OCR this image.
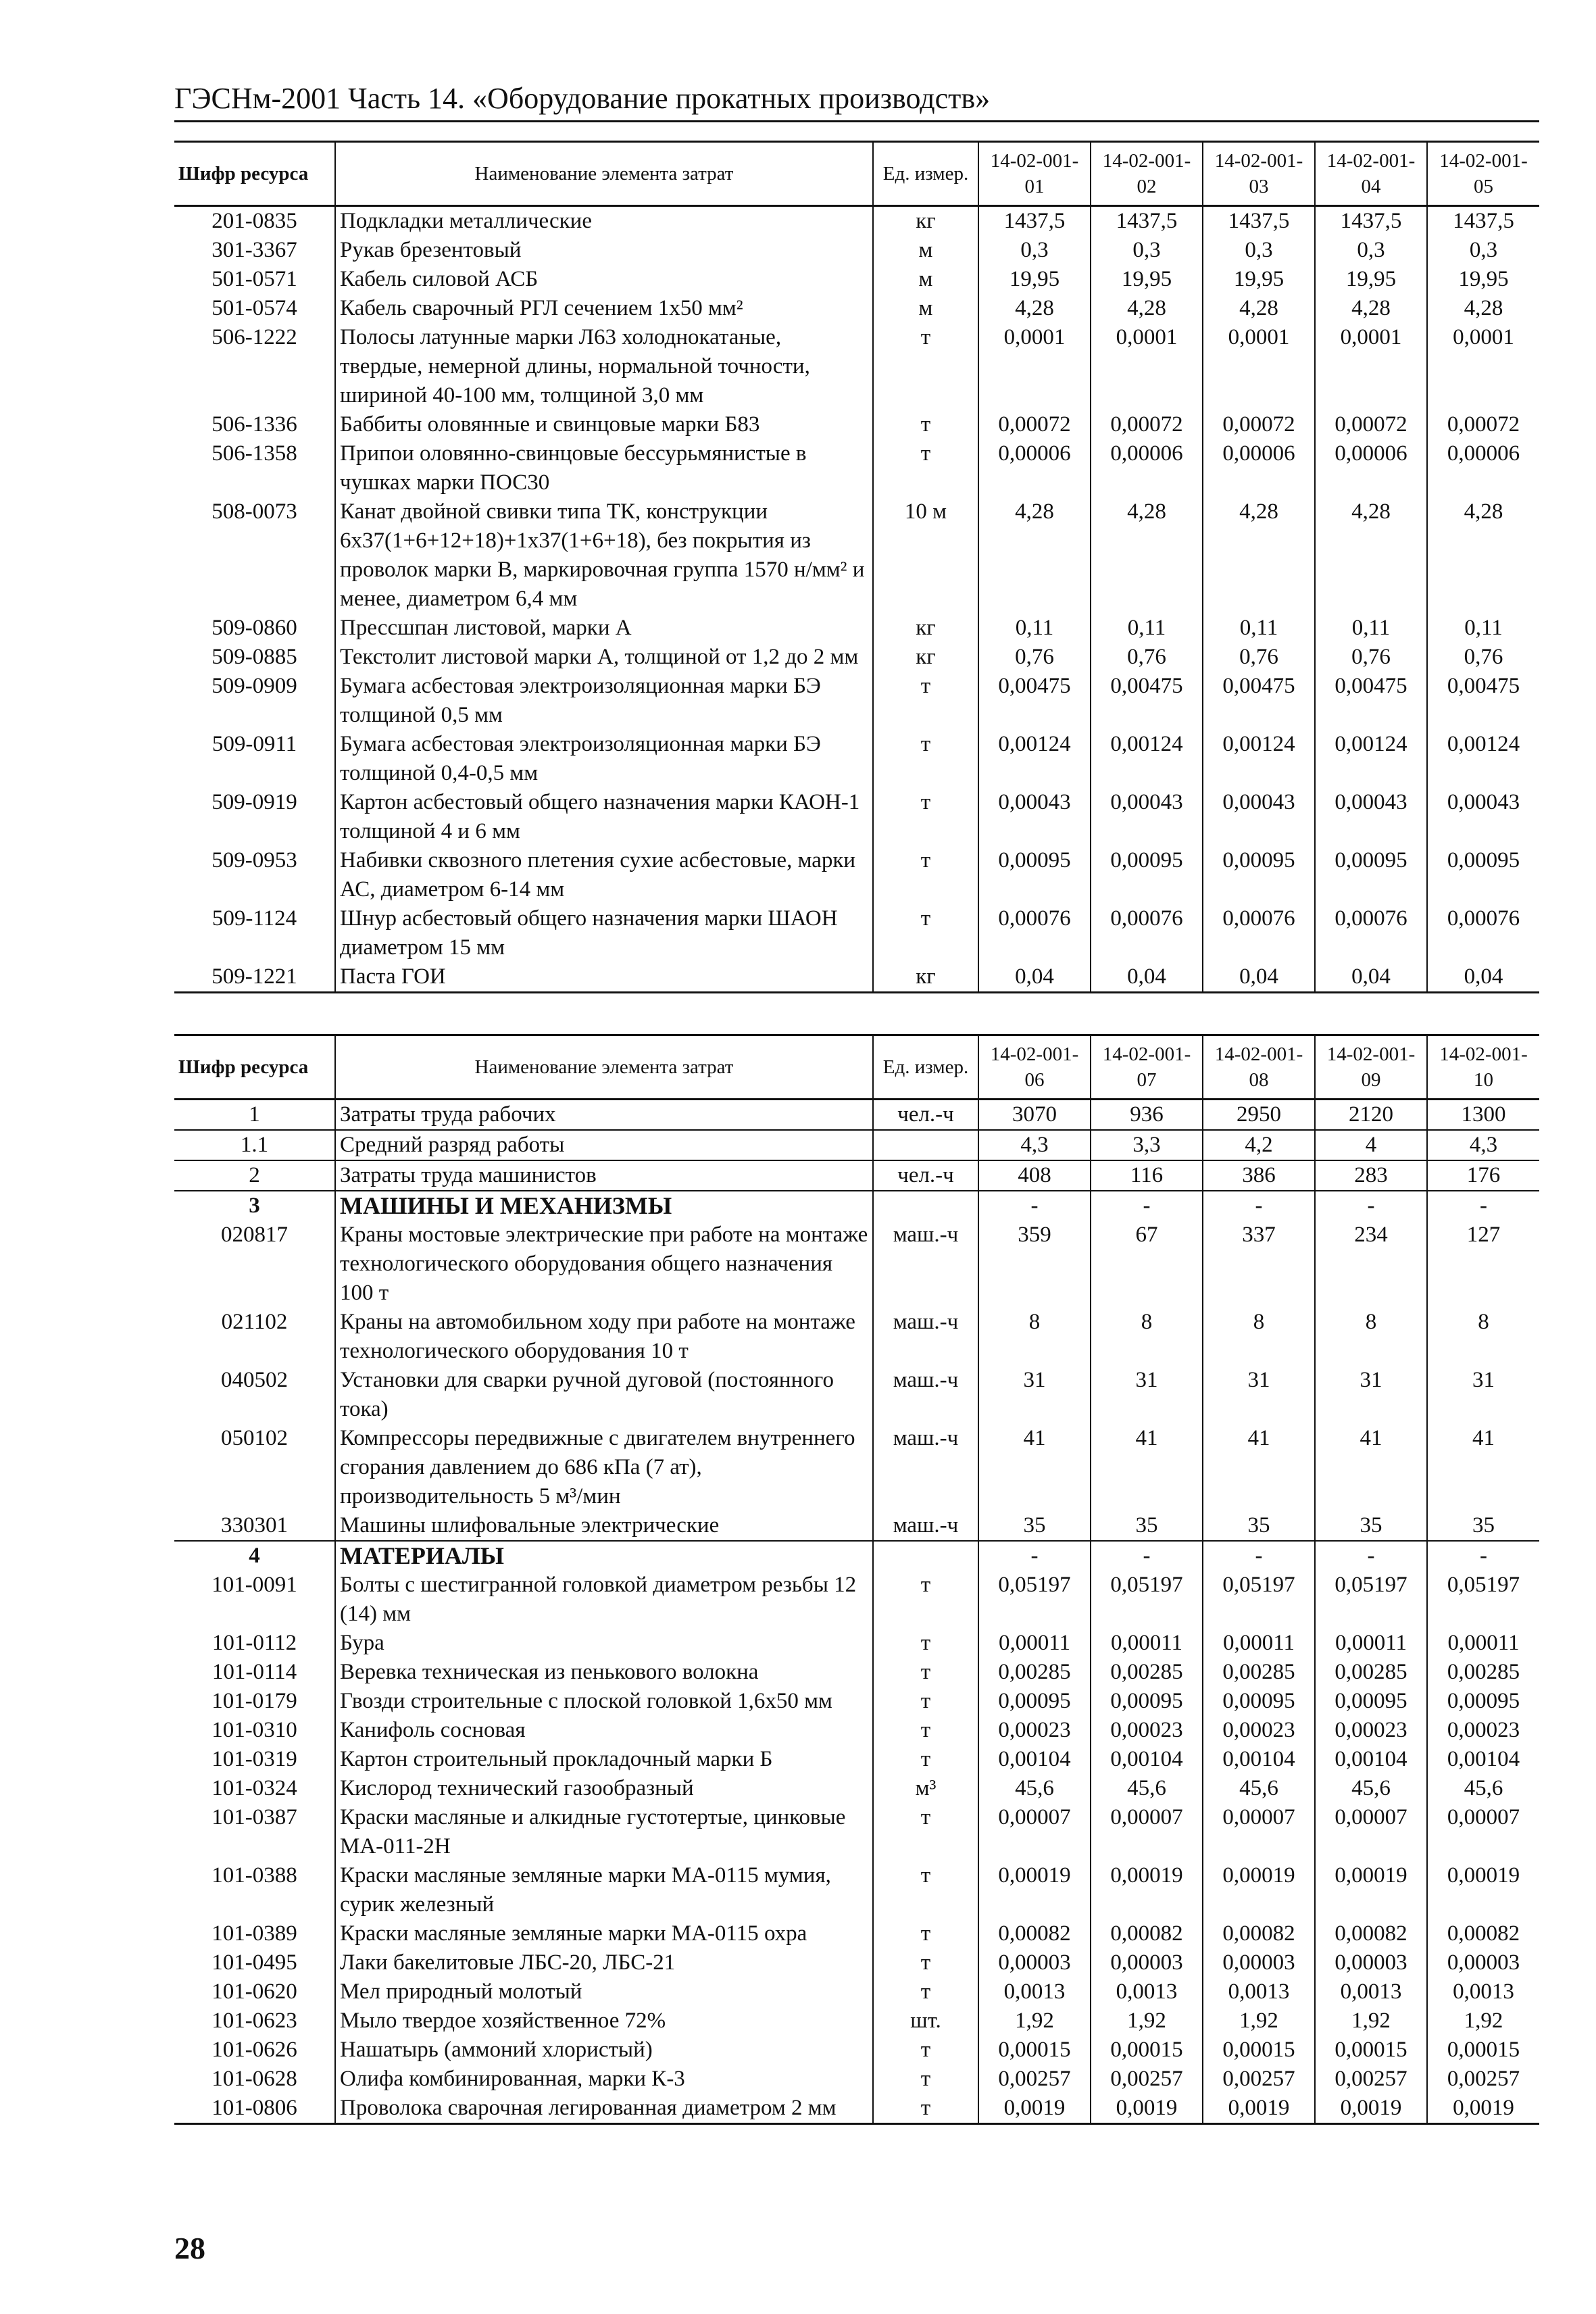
ГЭСНм-2001 Часть 14. «Оборудование прокатных производств»
Шифр ресурса	Наименование элемента затрат	Ед. измер.	14-02-001-01	14-02-001-02	14-02-001-03	14-02-001-04	14-02-001-05
201-0835	Подкладки металлические	кг	1437,5	1437,5	1437,5	1437,5	1437,5
301-3367	Рукав брезентовый	м	0,3	0,3	0,3	0,3	0,3
501-0571	Кабель силовой АСБ	м	19,95	19,95	19,95	19,95	19,95
501-0574	Кабель сварочный РГЛ сечением 1х50 мм²	м	4,28	4,28	4,28	4,28	4,28
506-1222	Полосы латунные марки Л63 холоднокатаные, твердые, немерной длины, нормальной точности, шириной 40-100 мм, толщиной 3,0 мм	т	0,0001	0,0001	0,0001	0,0001	0,0001
506-1336	Баббиты оловянные и свинцовые марки Б83	т	0,00072	0,00072	0,00072	0,00072	0,00072
506-1358	Припои оловянно-свинцовые бессурьмянистые в чушках марки ПОС30	т	0,00006	0,00006	0,00006	0,00006	0,00006
508-0073	Канат двойной свивки типа ТК, конструкции 6х37(1+6+12+18)+1х37(1+6+18), без покрытия из проволок марки В, маркировочная группа 1570 н/мм² и менее, диаметром 6,4 мм	10 м	4,28	4,28	4,28	4,28	4,28
509-0860	Прессшпан листовой, марки А	кг	0,11	0,11	0,11	0,11	0,11
509-0885	Текстолит листовой марки А, толщиной от 1,2 до 2 мм	кг	0,76	0,76	0,76	0,76	0,76
509-0909	Бумага асбестовая электроизоляционная марки БЭ толщиной 0,5 мм	т	0,00475	0,00475	0,00475	0,00475	0,00475
509-0911	Бумага асбестовая электроизоляционная марки БЭ толщиной 0,4-0,5 мм	т	0,00124	0,00124	0,00124	0,00124	0,00124
509-0919	Картон асбестовый общего назначения марки КАОН-1 толщиной 4 и 6 мм	т	0,00043	0,00043	0,00043	0,00043	0,00043
509-0953	Набивки сквозного плетения сухие асбестовые, марки АС, диаметром 6-14 мм	т	0,00095	0,00095	0,00095	0,00095	0,00095
509-1124	Шнур асбестовый общего назначения марки ШАОН диаметром 15 мм	т	0,00076	0,00076	0,00076	0,00076	0,00076
509-1221	Паста ГОИ	кг	0,04	0,04	0,04	0,04	0,04
Шифр ресурса	Наименование элемента затрат	Ед. измер.	14-02-001-06	14-02-001-07	14-02-001-08	14-02-001-09	14-02-001-10
1	Затраты труда рабочих	чел.-ч	3070	936	2950	2120	1300
1.1	Средний разряд работы		4,3	3,3	4,2	4	4,3
2	Затраты труда машинистов	чел.-ч	408	116	386	283	176
3	МАШИНЫ И МЕХАНИЗМЫ		-	-	-	-	-
020817	Краны мостовые электрические при работе на монтаже технологического оборудования общего назначения 100 т	маш.-ч	359	67	337	234	127
021102	Краны на автомобильном ходу при работе на монтаже технологического оборудования 10 т	маш.-ч	8	8	8	8	8
040502	Установки для сварки ручной дуговой (постоянного тока)	маш.-ч	31	31	31	31	31
050102	Компрессоры передвижные с двигателем внутреннего сгорания давлением до 686 кПа (7 ат), производительность 5 м³/мин	маш.-ч	41	41	41	41	41
330301	Машины шлифовальные электрические	маш.-ч	35	35	35	35	35
4	МАТЕРИАЛЫ		-	-	-	-	-
101-0091	Болты с шестигранной головкой диаметром резьбы 12 (14) мм	т	0,05197	0,05197	0,05197	0,05197	0,05197
101-0112	Бура	т	0,00011	0,00011	0,00011	0,00011	0,00011
101-0114	Веревка техническая из пенькового волокна	т	0,00285	0,00285	0,00285	0,00285	0,00285
101-0179	Гвозди строительные с плоской головкой 1,6х50 мм	т	0,00095	0,00095	0,00095	0,00095	0,00095
101-0310	Канифоль сосновая	т	0,00023	0,00023	0,00023	0,00023	0,00023
101-0319	Картон строительный прокладочный марки Б	т	0,00104	0,00104	0,00104	0,00104	0,00104
101-0324	Кислород технический газообразный	м³	45,6	45,6	45,6	45,6	45,6
101-0387	Краски масляные и алкидные густотертые, цинковые МА-011-2Н	т	0,00007	0,00007	0,00007	0,00007	0,00007
101-0388	Краски масляные земляные марки МА-0115 мумия, сурик железный	т	0,00019	0,00019	0,00019	0,00019	0,00019
101-0389	Краски масляные земляные марки МА-0115 охра	т	0,00082	0,00082	0,00082	0,00082	0,00082
101-0495	Лаки бакелитовые ЛБС-20, ЛБС-21	т	0,00003	0,00003	0,00003	0,00003	0,00003
101-0620	Мел природный молотый	т	0,0013	0,0013	0,0013	0,0013	0,0013
101-0623	Мыло твердое хозяйственное 72%	шт.	1,92	1,92	1,92	1,92	1,92
101-0626	Нашатырь (аммоний хлористый)	т	0,00015	0,00015	0,00015	0,00015	0,00015
101-0628	Олифа комбинированная, марки К-3	т	0,00257	0,00257	0,00257	0,00257	0,00257
101-0806	Проволока сварочная легированная диаметром 2 мм	т	0,0019	0,0019	0,0019	0,0019	0,0019
28
